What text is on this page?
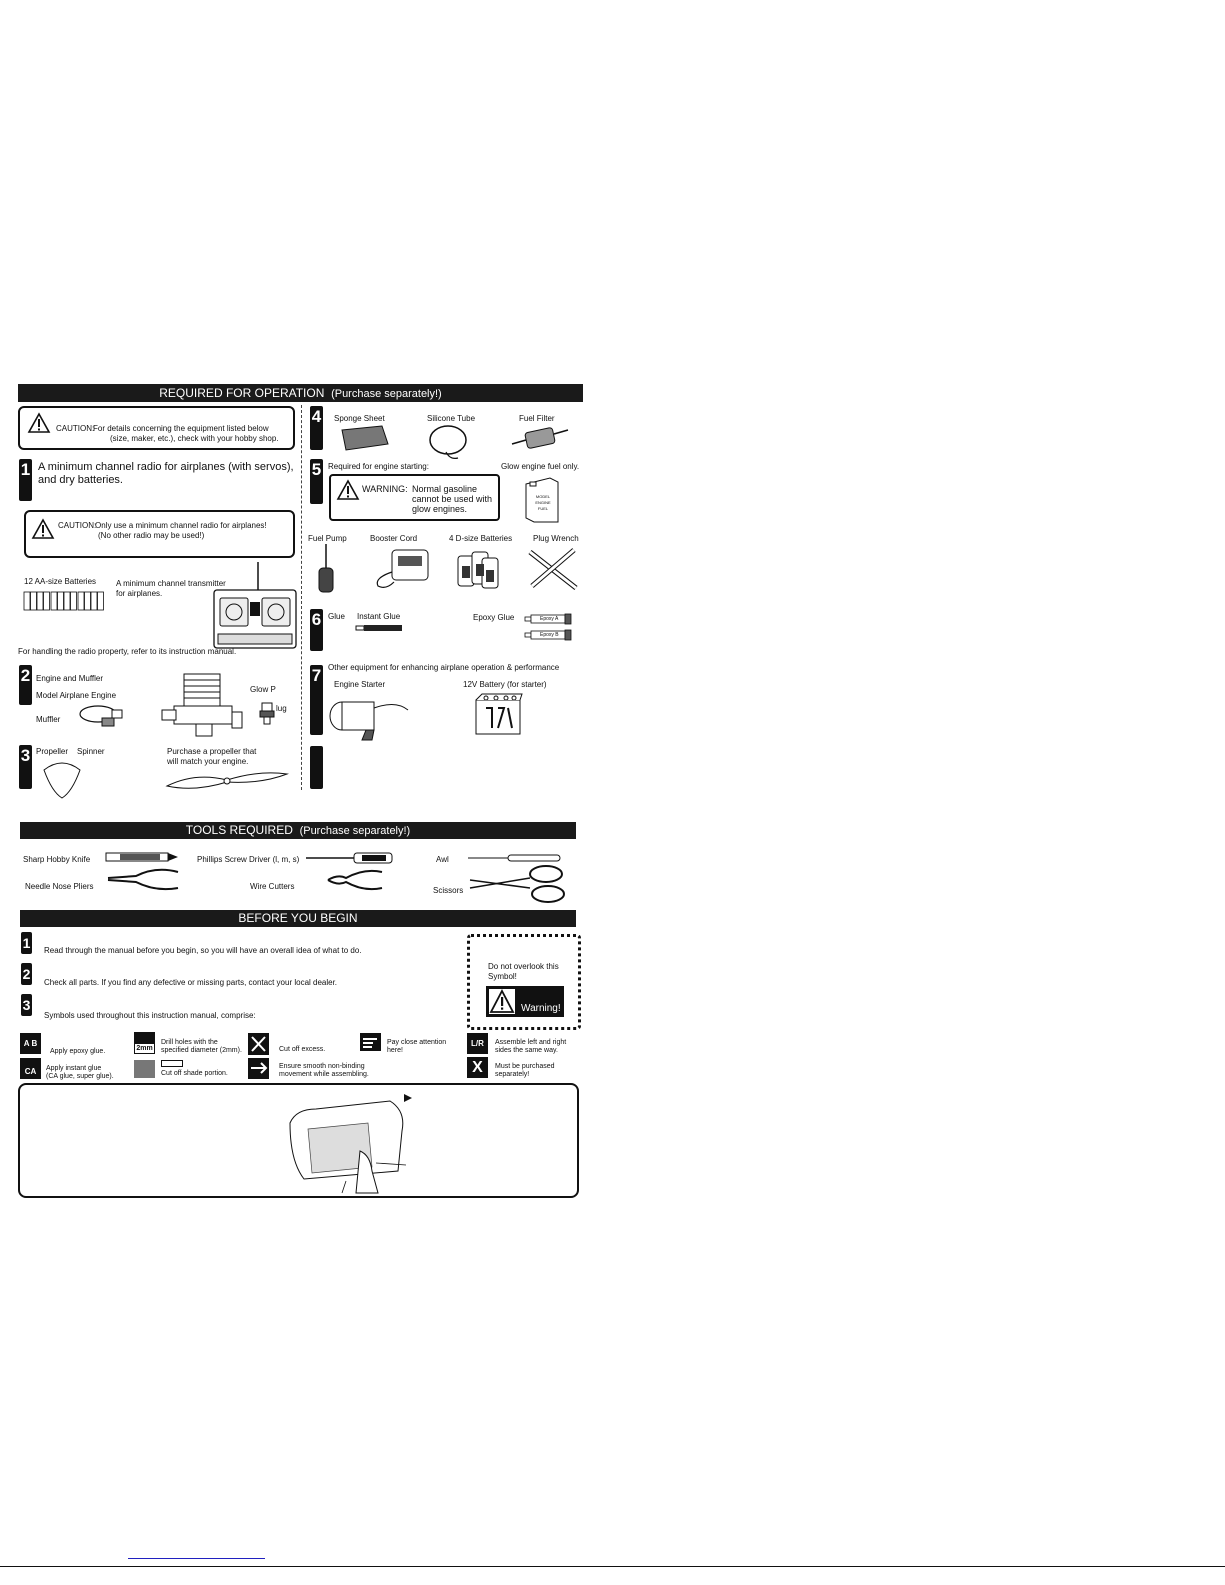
REQUIRED FOR OPERATION (Purchase separately!)
CAUTION:
For details concerning the equipment listed below
(size, maker, etc.), check with your hobby shop.
1 A minimum channel radio for airplanes (with servos),
and dry batteries.
CAUTION:
Only use a minimum channel radio for airplanes!
(No other radio may be used!)
12 AA-size Batteries A minimum channel transmitter
for airplanes.
For handling the radio property, refer to its instruction manual.
2 Engine and Muffler
Model Airplane Engine
Muffler
Glow P
lug
3 Propeller Spinner	Purchase a propeller that
will match your engine.
4 Sponge Sheet	Silicone Tube	Fuel Filter
5 Required for engine starting:	Glow engine fuel only.
WARNING: Normal gasoline
cannot be used with
glow engines.
MODEL ENGINE FUEL
Fuel Pump	Booster Cord	4 D-size Batteries	Plug Wrench
6 Glue Instant Glue	Epoxy Glue	Epoxy A
Epoxy B
7 Other equipment for enhancing airplane operation & performance
Engine Starter	12V Battery (for starter)
TOOLS REQUIRED (Purchase separately!)
Sharp Hobby Knife	Phillips Screw Driver (l, m, s)	Awl
Needle Nose Pliers	Wire Cutters	Scissors
BEFORE YOU BEGIN
1 Read through the manual before you begin, so you will have an overall idea of what to do.
2
Check all parts. If you find any defective or missing parts, contact your local dealer.
3
Symbols used throughout this instruction manual, comprise:
Do not overlook this
Symbol!
Warning!
A B
Apply epoxy glue.
CA	Apply instant glue
(CA glue, super glue).
2mm
Drill holes with the
specified diameter (2mm).
Cut off shade portion.
Cut off excess.
Ensure smooth non-binding
movement while assembling.
Pay close attention
here!
L/R	Assemble left and right
sides the same way.
X	Must be purchased
separately!
